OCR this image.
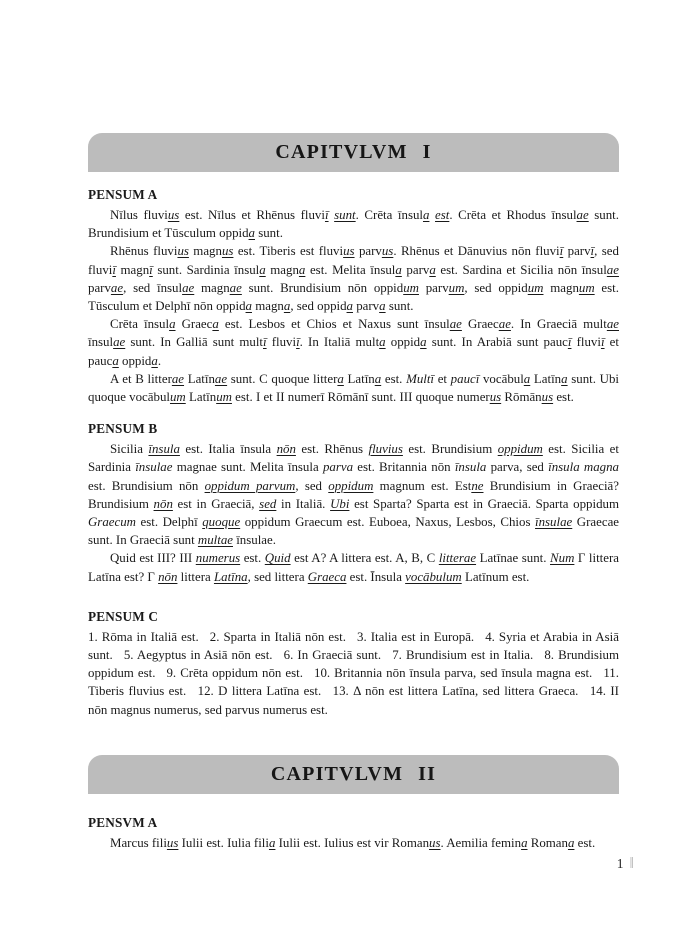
CAPITVLVM I
PENSUM A

Nīlus fluvius est. Nīlus et Rhēnus fluviī sunt. Crēta īnsula est. Crēta et Rhodus īnsulae sunt. Brundisium et Tūsculum oppida sunt.

Rhēnus fluvius magnus est. Tiberis est fluvius parvus. Rhēnus et Dānuvius nōn fluviī parvī, sed fluviī magnī sunt. Sardinia īnsula magna est. Melita īnsula parva est. Sardina et Sicilia nōn īnsulae parvae, sed īnsulae magnae sunt. Brundisium nōn oppidum parvum, sed oppidum magnum est. Tūsculum et Delphī nōn oppida magna, sed oppida parva sunt.

Crēta īnsula Graeca est. Lesbos et Chios et Naxus sunt īnsulae Graecae. In Graeciā multae īnsulae sunt. In Galliā sunt multī fluviī. In Italiā multa oppida sunt. In Arabiā sunt paucī fluviī et pauca oppida.

A et B litterae Latīnae sunt. C quoque littera Latīna est. Multī et paucī vocābula Latīna sunt. Ubi quoque vocābulum Latīnum est. I et II numerī Rōmānī sunt. III quoque numerus Rōmānus est.

PENSUM B

Sicilia īnsula est. Italia īnsula nōn est. Rhēnus fluvius est. Brundisium oppidum est. Sicilia et Sardinia īnsulae magnae sunt. Melita īnsula parva est. Britannia nōn īnsula parva, sed īnsula magna est. Brundisium nōn oppidum parvum, sed oppidum magnum est. Estne Brundisium in Graeciā? Brundisium nōn est in Graeciā, sed in Italiā. Ubi est Sparta? Sparta est in Graeciā. Sparta oppidum Graecum est. Delphī quoque oppidum Graecum est. Euboea, Naxus, Lesbos, Chios īnsulae Graecae sunt. In Graeciā sunt multae īnsulae.

Quid est III? III numerus est. Quid est A? A littera est. A, B, C litterae Latīnae sunt. Num Γ littera Latīna est? Γ nōn littera Latīna, sed littera Graeca est. Īnsula vocābulum Latīnum est.

PENSUM C

1. Rōma in Italiā est. 2. Sparta in Italiā nōn est. 3. Italia est in Europā. 4. Syria et Arabia in Asiā sunt. 5. Aegyptus in Asiā nōn est. 6. In Graeciā sunt. 7. Brundisium est in Italia. 8. Brundisium oppidum est. 9. Crēta oppidum nōn est. 10. Britannia nōn īnsula parva, sed īnsula magna est. 11. Tiberis fluvius est. 12. D littera Latīna est. 13. Δ nōn est littera Latīna, sed littera Graeca. 14. II nōn magnus numerus, sed parvus numerus est.

CAPITVLVM II
PENSVM A

Marcus filius Iulii est. Iulia filia Iulii est. Iulius est vir Romanus. Aemilia femina Romana est.

1 ‖
